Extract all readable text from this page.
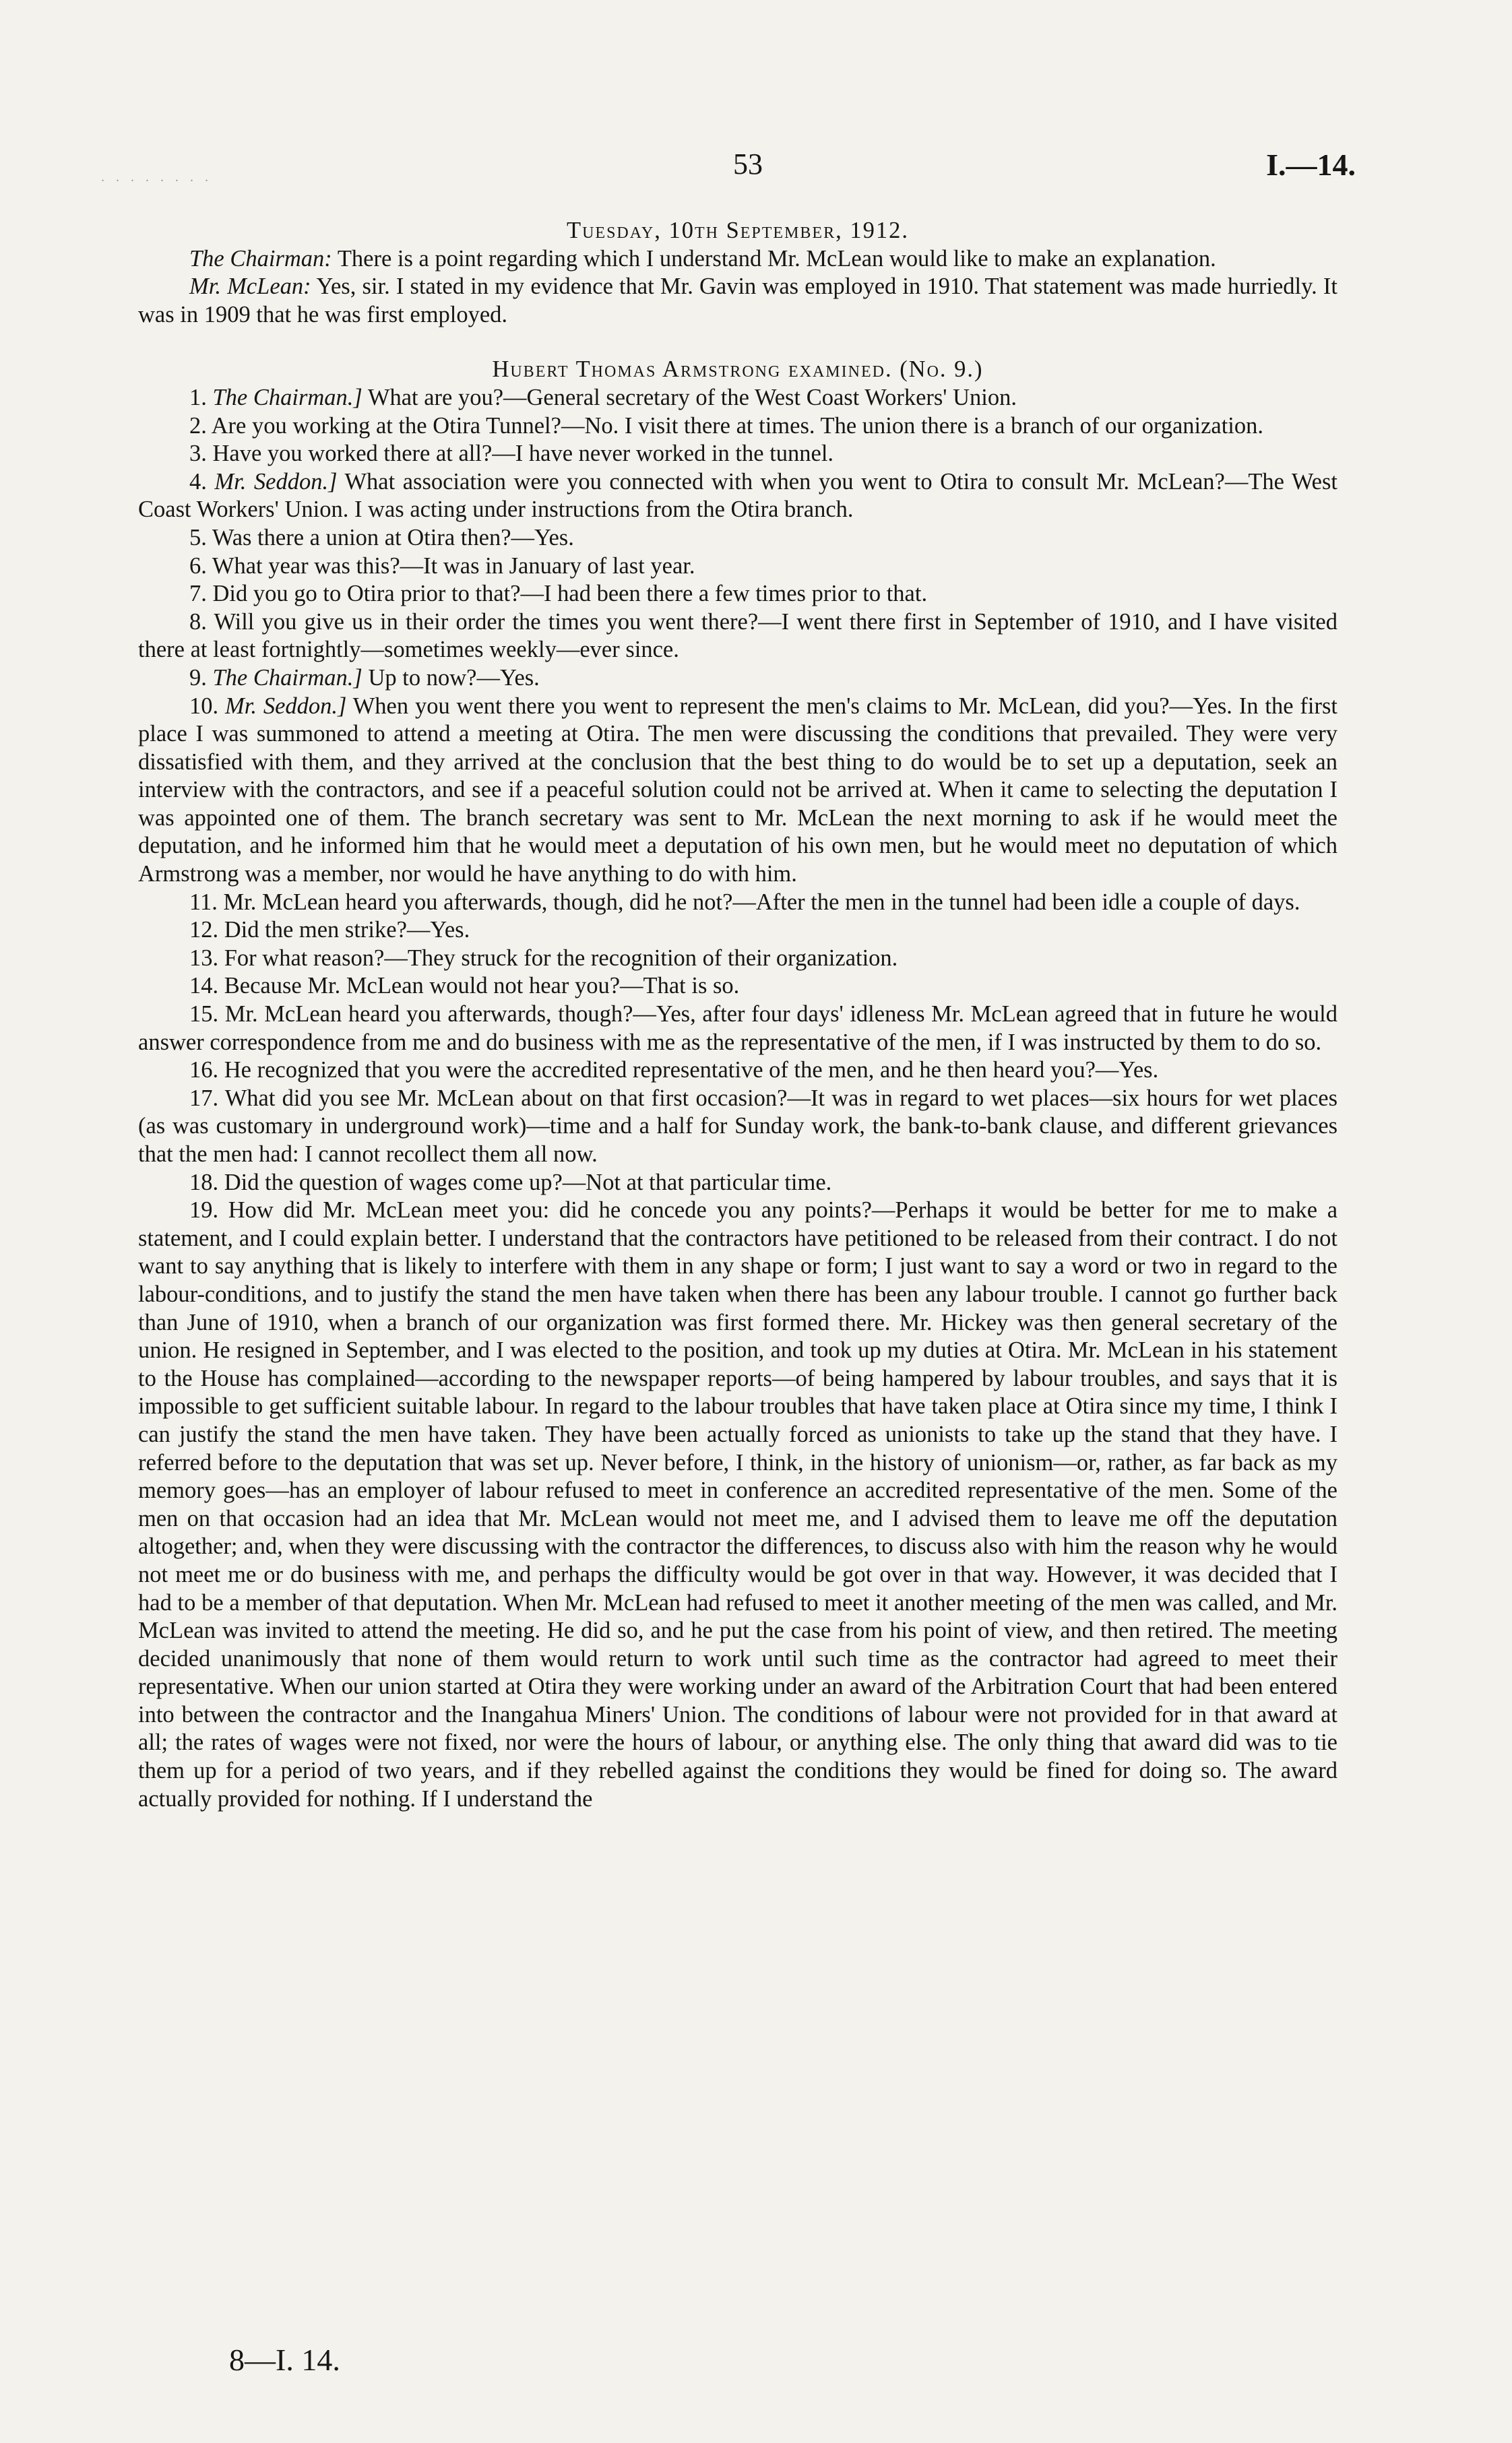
. . . . . . . .	53	I.—14.
Tuesday, 10th September, 1912.

The Chairman: There is a point regarding which I understand Mr. McLean would like to make an explanation.

Mr. McLean: Yes, sir. I stated in my evidence that Mr. Gavin was employed in 1910. That statement was made hurriedly. It was in 1909 that he was first employed.

Hubert Thomas Armstrong examined. (No. 9.)

1. The Chairman.] What are you?—General secretary of the West Coast Workers' Union.

2. Are you working at the Otira Tunnel?—No. I visit there at times. The union there is a branch of our organization.

3. Have you worked there at all?—I have never worked in the tunnel.

4. Mr. Seddon.] What association were you connected with when you went to Otira to consult Mr. McLean?—The West Coast Workers' Union. I was acting under instructions from the Otira branch.

5. Was there a union at Otira then?—Yes.

6. What year was this?—It was in January of last year.

7. Did you go to Otira prior to that?—I had been there a few times prior to that.

8. Will you give us in their order the times you went there?—I went there first in September of 1910, and I have visited there at least fortnightly—sometimes weekly—ever since.

9. The Chairman.] Up to now?—Yes.

10. Mr. Seddon.] When you went there you went to represent the men's claims to Mr. McLean, did you?—Yes. In the first place I was summoned to attend a meeting at Otira. The men were discussing the conditions that prevailed. They were very dissatisfied with them, and they arrived at the conclusion that the best thing to do would be to set up a deputation, seek an interview with the contractors, and see if a peaceful solution could not be arrived at. When it came to selecting the deputation I was appointed one of them. The branch secretary was sent to Mr. McLean the next morning to ask if he would meet the deputation, and he informed him that he would meet a deputation of his own men, but he would meet no deputation of which Armstrong was a member, nor would he have anything to do with him.

11. Mr. McLean heard you afterwards, though, did he not?—After the men in the tunnel had been idle a couple of days.

12. Did the men strike?—Yes.

13. For what reason?—They struck for the recognition of their organization.

14. Because Mr. McLean would not hear you?—That is so.

15. Mr. McLean heard you afterwards, though?—Yes, after four days' idleness Mr. McLean agreed that in future he would answer correspondence from me and do business with me as the representative of the men, if I was instructed by them to do so.

16. He recognized that you were the accredited representative of the men, and he then heard you?—Yes.

17. What did you see Mr. McLean about on that first occasion?—It was in regard to wet places—six hours for wet places (as was customary in underground work)—time and a half for Sunday work, the bank-to-bank clause, and different grievances that the men had: I cannot recollect them all now.

18. Did the question of wages come up?—Not at that particular time.

19. How did Mr. McLean meet you: did he concede you any points?—Perhaps it would be better for me to make a statement, and I could explain better. I understand that the contractors have petitioned to be released from their contract. I do not want to say anything that is likely to interfere with them in any shape or form; I just want to say a word or two in regard to the labour-conditions, and to justify the stand the men have taken when there has been any labour trouble. I cannot go further back than June of 1910, when a branch of our organization was first formed there. Mr. Hickey was then general secretary of the union. He resigned in September, and I was elected to the position, and took up my duties at Otira. Mr. McLean in his statement to the House has complained—according to the newspaper reports—of being hampered by labour troubles, and says that it is impossible to get sufficient suitable labour. In regard to the labour troubles that have taken place at Otira since my time, I think I can justify the stand the men have taken. They have been actually forced as unionists to take up the stand that they have. I referred before to the deputation that was set up. Never before, I think, in the history of unionism—or, rather, as far back as my memory goes—has an employer of labour refused to meet in conference an accredited representative of the men. Some of the men on that occasion had an idea that Mr. McLean would not meet me, and I advised them to leave me off the deputation altogether; and, when they were discussing with the contractor the differences, to discuss also with him the reason why he would not meet me or do business with me, and perhaps the difficulty would be got over in that way. However, it was decided that I had to be a member of that deputation. When Mr. McLean had refused to meet it another meeting of the men was called, and Mr. McLean was invited to attend the meeting. He did so, and he put the case from his point of view, and then retired. The meeting decided unanimously that none of them would return to work until such time as the contractor had agreed to meet their representative. When our union started at Otira they were working under an award of the Arbitration Court that had been entered into between the contractor and the Inangahua Miners' Union. The conditions of labour were not provided for in that award at all; the rates of wages were not fixed, nor were the hours of labour, or anything else. The only thing that award did was to tie them up for a period of two years, and if they rebelled against the conditions they would be fined for doing so. The award actually provided for nothing. If I understand the

8—I. 14.
